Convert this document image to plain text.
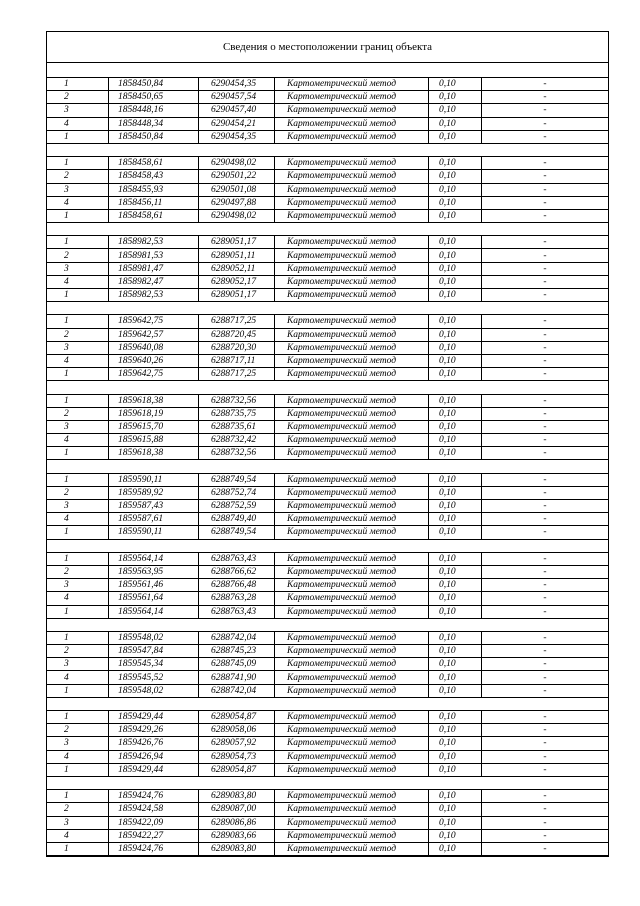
Сведения о местоположении границ объекта
1	1858450,84	6290454,35	Картометрический метод	0,10	-
2	1858450,65	6290457,54	Картометрический метод	0,10	-
3	1858448,16	6290457,40	Картометрический метод	0,10	-
4	1858448,34	6290454,21	Картометрический метод	0,10	-
1	1858450,84	6290454,35	Картометрический метод	0,10	-

1	1858458,61	6290498,02	Картометрический метод	0,10	-
2	1858458,43	6290501,22	Картометрический метод	0,10	-
3	1858455,93	6290501,08	Картометрический метод	0,10	-
4	1858456,11	6290497,88	Картометрический метод	0,10	-
1	1858458,61	6290498,02	Картометрический метод	0,10	-

1	1858982,53	6289051,17	Картометрический метод	0,10	-
2	1858981,53	6289051,11	Картометрический метод	0,10	-
3	1858981,47	6289052,11	Картометрический метод	0,10	-
4	1858982,47	6289052,17	Картометрический метод	0,10	-
1	1858982,53	6289051,17	Картометрический метод	0,10	-

1	1859642,75	6288717,25	Картометрический метод	0,10	-
2	1859642,57	6288720,45	Картометрический метод	0,10	-
3	1859640,08	6288720,30	Картометрический метод	0,10	-
4	1859640,26	6288717,11	Картометрический метод	0,10	-
1	1859642,75	6288717,25	Картометрический метод	0,10	-

1	1859618,38	6288732,56	Картометрический метод	0,10	-
2	1859618,19	6288735,75	Картометрический метод	0,10	-
3	1859615,70	6288735,61	Картометрический метод	0,10	-
4	1859615,88	6288732,42	Картометрический метод	0,10	-
1	1859618,38	6288732,56	Картометрический метод	0,10	-

1	1859590,11	6288749,54	Картометрический метод	0,10	-
2	1859589,92	6288752,74	Картометрический метод	0,10	-
3	1859587,43	6288752,59	Картометрический метод	0,10	-
4	1859587,61	6288749,40	Картометрический метод	0,10	-
1	1859590,11	6288749,54	Картометрический метод	0,10	-

1	1859564,14	6288763,43	Картометрический метод	0,10	-
2	1859563,95	6288766,62	Картометрический метод	0,10	-
3	1859561,46	6288766,48	Картометрический метод	0,10	-
4	1859561,64	6288763,28	Картометрический метод	0,10	-
1	1859564,14	6288763,43	Картометрический метод	0,10	-

1	1859548,02	6288742,04	Картометрический метод	0,10	-
2	1859547,84	6288745,23	Картометрический метод	0,10	-
3	1859545,34	6288745,09	Картометрический метод	0,10	-
4	1859545,52	6288741,90	Картометрический метод	0,10	-
1	1859548,02	6288742,04	Картометрический метод	0,10	-

1	1859429,44	6289054,87	Картометрический метод	0,10	-
2	1859429,26	6289058,06	Картометрический метод	0,10	-
3	1859426,76	6289057,92	Картометрический метод	0,10	-
4	1859426,94	6289054,73	Картометрический метод	0,10	-
1	1859429,44	6289054,87	Картометрический метод	0,10	-

1	1859424,76	6289083,80	Картометрический метод	0,10	-
2	1859424,58	6289087,00	Картометрический метод	0,10	-
3	1859422,09	6289086,86	Картометрический метод	0,10	-
4	1859422,27	6289083,66	Картометрический метод	0,10	-
1	1859424,76	6289083,80	Картометрический метод	0,10	-
